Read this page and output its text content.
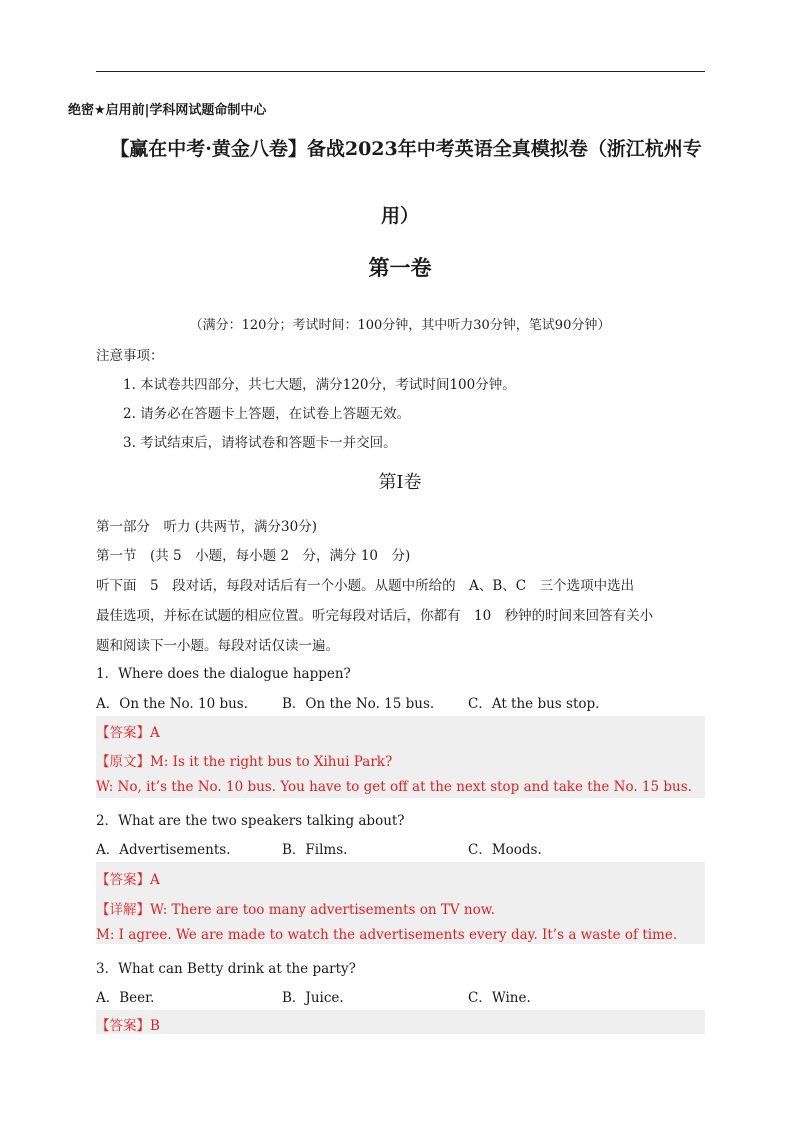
绝密★启用前|学科网试题命制中心
【赢在中考·黄金八卷】备战2023年中考英语全真模拟卷（浙江杭州专
用）
第一卷
（满分：120分；考试时间：100分钟，其中听力30分钟，笔试90分钟）
注意事项：
1. 本试卷共四部分，共七大题，满分120分，考试时间100分钟。
2. 请务必在答题卡上答题，在试卷上答题无效。
3. 考试结束后，请将试卷和答题卡一并交回。
第I卷
第一部分　听力 (共两节，满分30分)
第一节　(共 5　小题，每小题 2　分，满分 10　分)
听下面　5　段对话，每段对话后有一个小题。从题中所给的　A、B、C　三个选项中选出
最佳选项，并标在试题的相应位置。听完每段对话后，你都有　10　秒钟的时间来回答有关小
题和阅读下一小题。每段对话仅读一遍。
1．Where does the dialogue happen?
A．On the No. 10 bus.	B．On the No. 15 bus.	C．At the bus stop.
【答案】A
【原文】M: Is it the right bus to Xihui Park?
W: No, it’s the No. 10 bus. You have to get off at the next stop and take the No. 15 bus.
2．What are the two speakers talking about?
A．Advertisements.	B．Films.	C．Moods.
【答案】A
【详解】W: There are too many advertisements on TV now.
M: I agree. We are made to watch the advertisements every day. It’s a waste of time.
3．What can Betty drink at the party?
A．Beer.	B．Juice.	C．Wine.
【答案】B
